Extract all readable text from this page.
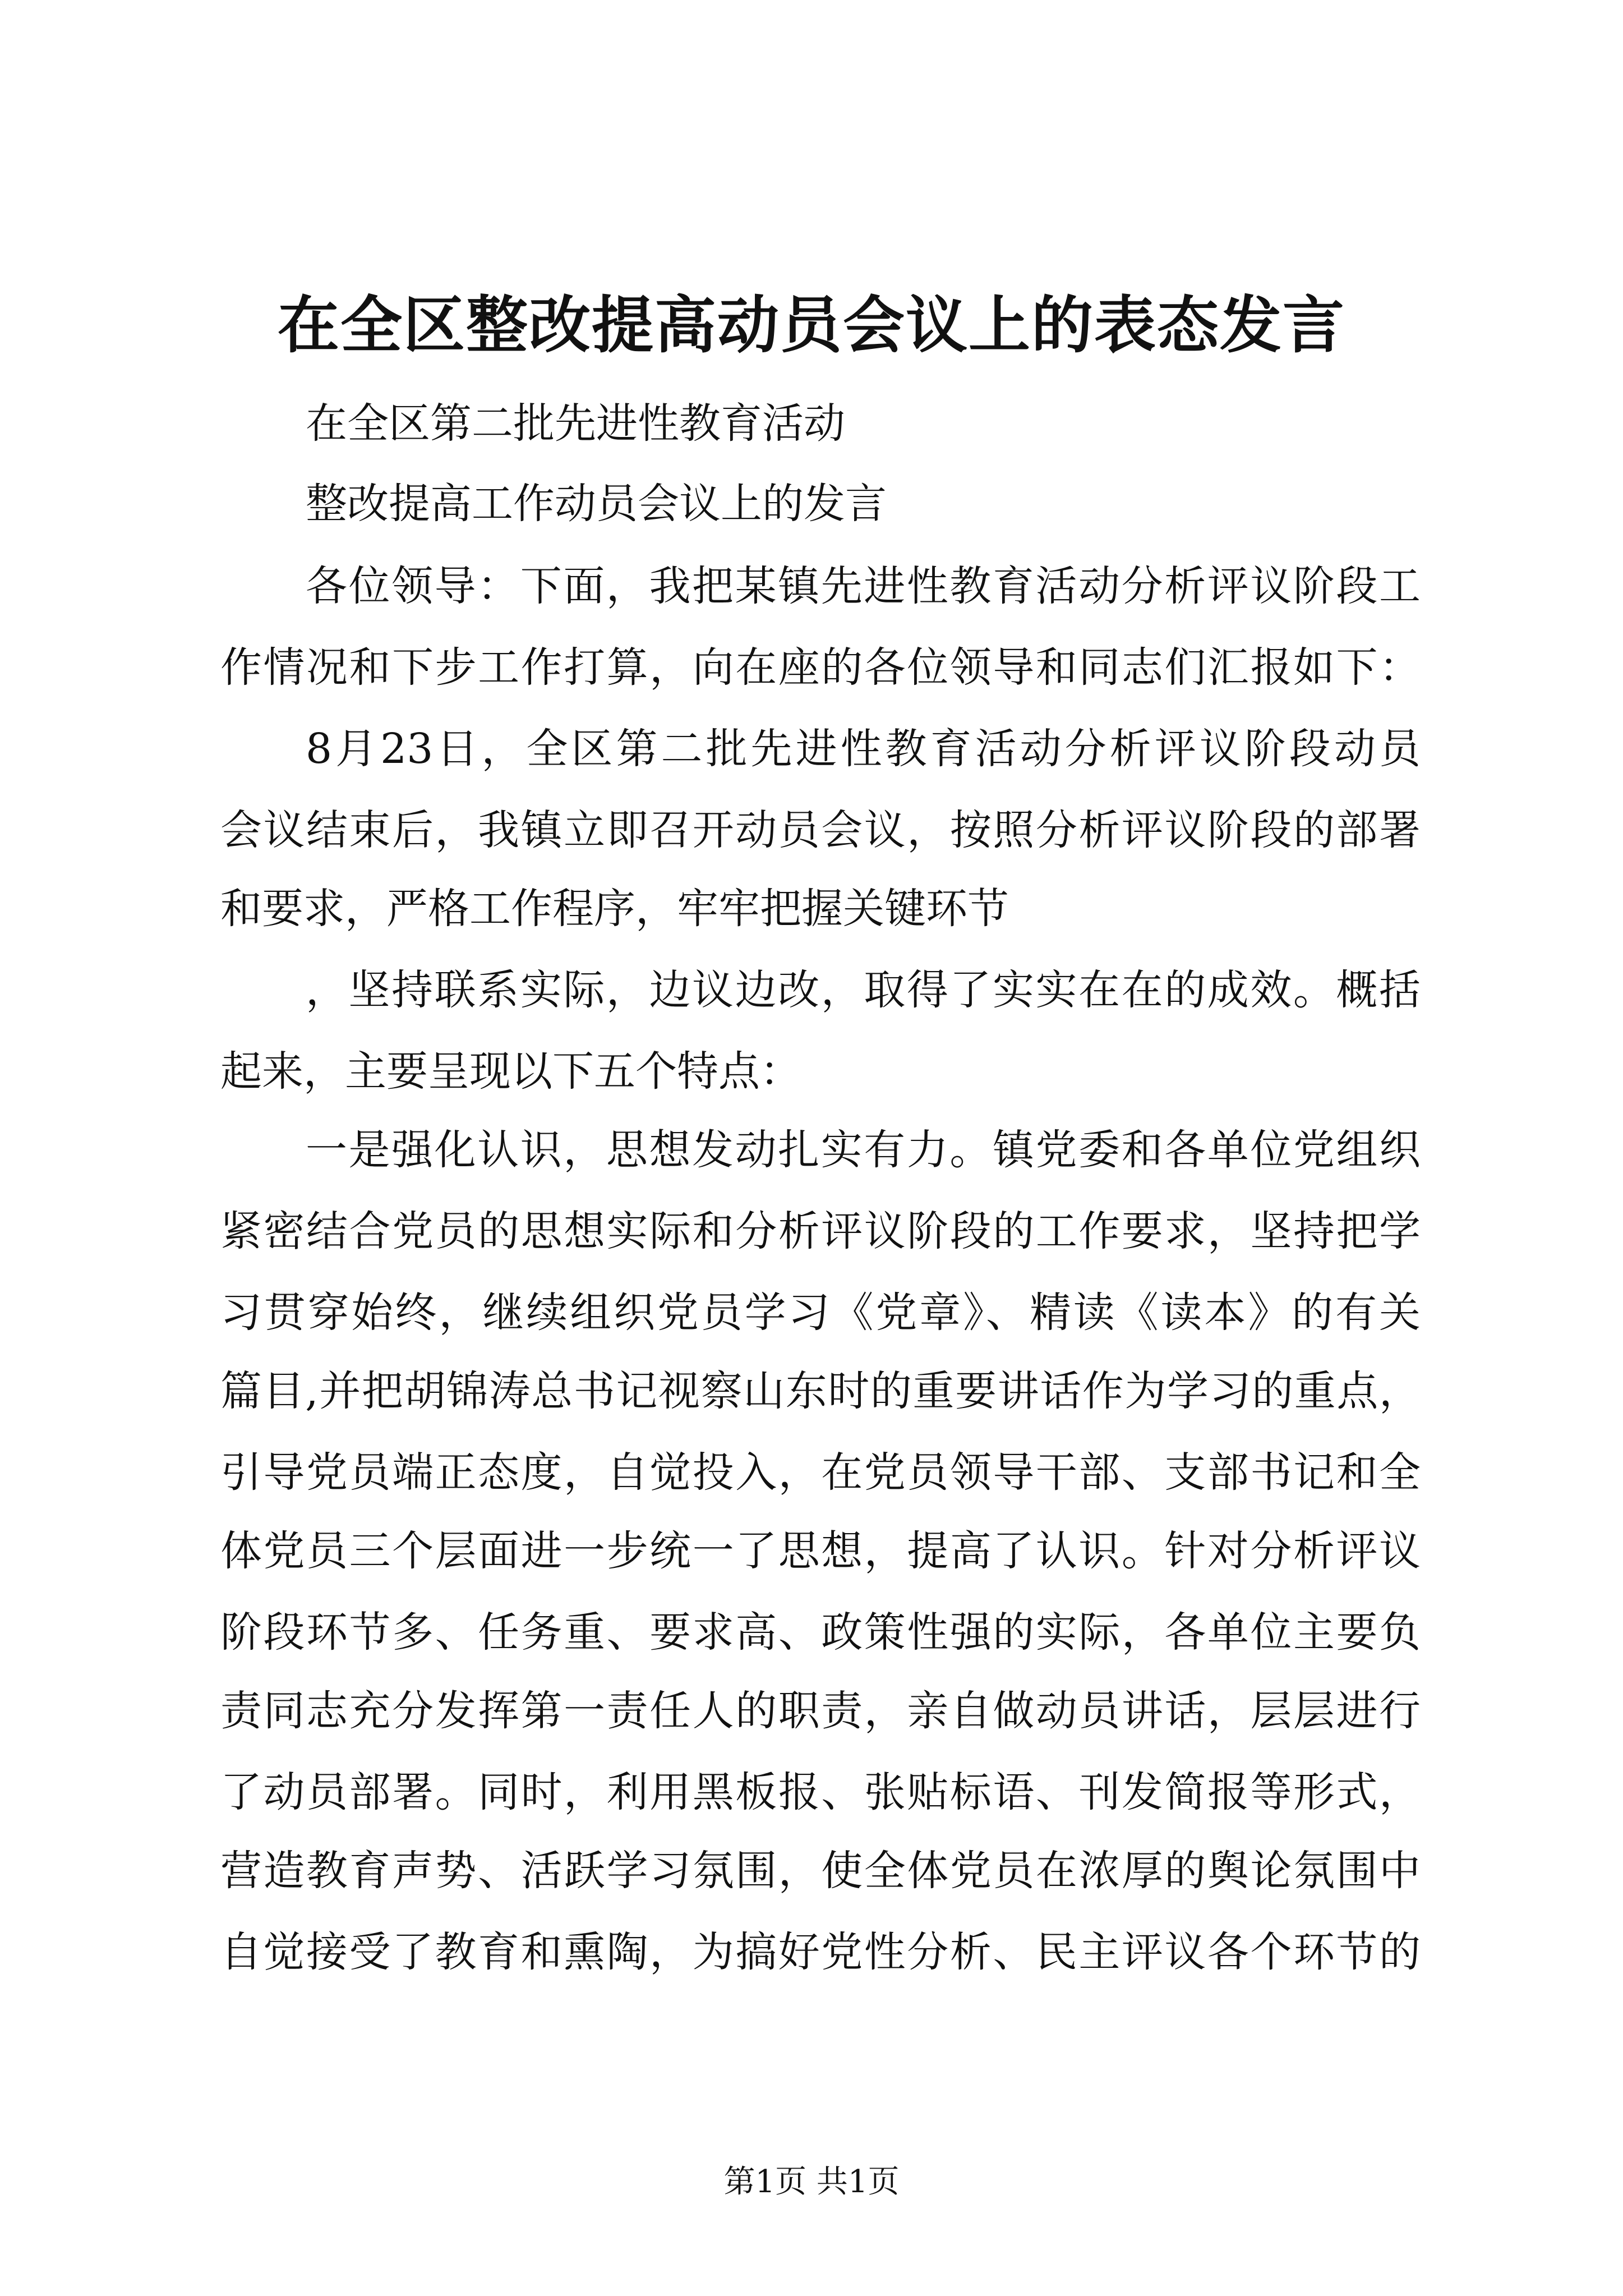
在全区整改提高动员会议上的表态发言
在全区第二批先进性教育活动
整改提高工作动员会议上的发言
各位领导：下面，我把某镇先进性教育活动分析评议阶段工
作情况和下步工作打算，向在座的各位领导和同志们汇报如下：
8月23日，全区第二批先进性教育活动分析评议阶段动员
会议结束后，我镇立即召开动员会议，按照分析评议阶段的部署
和要求，严格工作程序，牢牢把握关键环节
，坚持联系实际，边议边改，取得了实实在在的成效。概括
起来，主要呈现以下五个特点：
一是强化认识，思想发动扎实有力。镇党委和各单位党组织
紧密结合党员的思想实际和分析评议阶段的工作要求，坚持把学
习贯穿始终，继续组织党员学习《党章》、精读《读本》的有关
篇目,并把胡锦涛总书记视察山东时的重要讲话作为学习的重点，
引导党员端正态度，自觉投入，在党员领导干部、支部书记和全
体党员三个层面进一步统一了思想，提高了认识。针对分析评议
阶段环节多、任务重、要求高、政策性强的实际，各单位主要负
责同志充分发挥第一责任人的职责，亲自做动员讲话，层层进行
了动员部署。同时，利用黑板报、张贴标语、刊发简报等形式，
营造教育声势、活跃学习氛围，使全体党员在浓厚的舆论氛围中
自觉接受了教育和熏陶，为搞好党性分析、民主评议各个环节的
第1页 共1页
